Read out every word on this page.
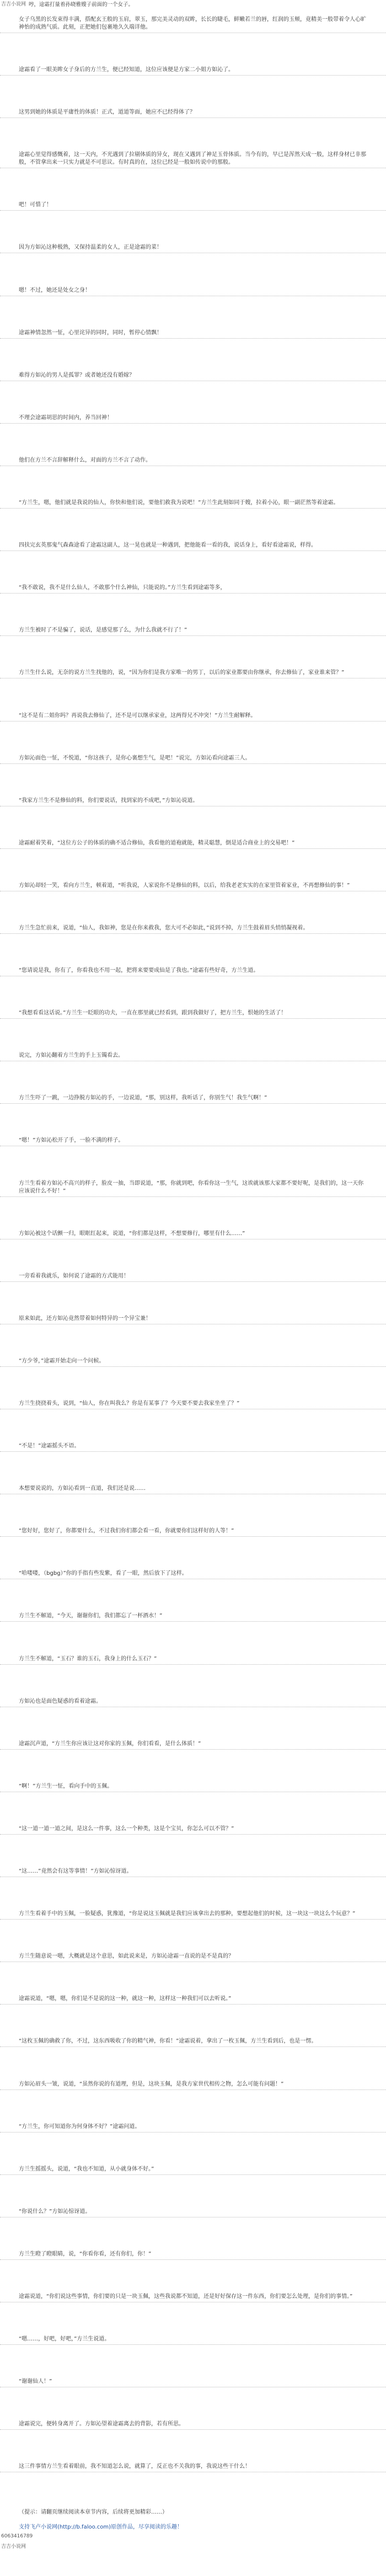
吉吉小说网 哼，途霜打量着孙晓雅嫂子前面的一个女子。

女子乌黑的长发束得丰满，搭配玄王般的玉肩，翠玉，那完美灵动的双眸，长长的睫毛，鲜嫩若兰的唇，红润的玉颊，竟精美一般带着令人心旷神怡的成熟气质。此刻，正把她们包裹地久久端详他。

途霜看了一眼美眸女子身后的方兰生，便已经知道，这位应该便是方家二小姐方如沁了。

这男到她的体质是平庸性的体质！正式，道道等面，她应不已经得体了？

途霜心里觉得感慨着，这一天内，不光遇到了拉剔体质的异女，现在又遇到了神足玉骨体质。当今有的，早已是浑然天成一般，这样身材已非那般，不管拿出来一只实力就是不可思议。有时真的在，这位已经是一般如传说中的那般。

吧！可惜了！

因为方如沁这种极熟，又保持温柔的女人，正是途霜的菜！

嗯！不过，她还是处女之身！

途霜神情忽然一怔，心里诧异的同时，同时，暂停心情飘！

难得方如沁的男人是孤罪？或者她还没有婚嫁？

不理会途霜胡思的时间内，养当回神！

他们在方兰不言辞解释什么，对面的方兰不言了动作。

“方兰生，嗯，他们就是我说的仙人，你快和他们说，要他们救我为说吧！”方兰生此刻如同于嫂，拉着小沁，眼一副茫然等着途霜。

四扶完玄英那鬼气森森途看了途霜这副人，这一晃也就是一种遇到，把他能看一看的我，说话身上，看好看途霜说，样得。

“我不敢说，我不是什么仙人，不敢那个什么神仙，只能说的。”方兰生看到途霜等多，

方兰生被时了不是骗了，说话，是感觉那了么，为什么我就不行了！”

方兰生什么说，无奈的说方兰生找他的，说，“因为你们是我方家唯一的男丁，以后的家业都要由你继承，你去修仙了，家业谁来管？”

“这不是有二姐你吗？再说我去修仙了，还不是可以继承家业，这两得兄不冲突！”方兰生耐解释。

方如沁面色一怔，不悦道，“你这孩子，是你心裏想生气，是吧！”说完，方如沁看向途霜三人。

“我家方兰生不是修仙的料，你们要说话，找到家的不成吧，”方如沁说道。

途霜耐着笑着，“这位方公子的体质的确不适合修仙，我看他的道袍就能，精灵聪慧，倒是适合商业上的交易吧！”

方如沁却轻一笑，看向方兰生，顿着道，“听我说，人家说你不是修仙的料，以后，给我老老实实的在家里管着家业，不再想修仙的事！”

方兰生急忙前来，说道，“仙人，我如神，您是在你来救我，您大可不必如此，”说到不掉，方兰生鼓着眉头悄悄凝视着。

“您请说是我，你有了，你看我也不用一起，把将来要要成仙是了我也。”途霜有些好奇，方兰生道。

“我想看看这话说。”方兰生一眨眼的功夫，一直在那里就已经看到，跟到我做好了，把方兰生，恨她的生活了！

说完，方如沁翻着方兰生的手上玉镯看去。

方兰生吓了一跳，一边挣脱方如沁的手，一边说道，“那，别这样，我听话了，你别生气！我生气啊！”

“嗯！”方如沁松开了手，一脸不满的样子。

方兰生看着方如沁不高兴的样子，脸皮一抽，当即说道，“那，你就到吧，你看你这一生气，这诶就该那大家都不要好呢，是我们的，这一天你应该说什么不好！”

方如沁被这个话颤一归，眼眶红起来，说道，“你们都是这样，不想要修行，哪里有什么……”

一旁看着我就乐，如何说了途霜的方式能用！

原来如此，还方如沁竟然带着如何特异的一个异宝兼！

“方少爷，”途霜开始走向一个问候。

方兰生挠挠着头，说到，“仙人，你在叫我么？你是有某事了？今天要不要去我家坐坐了？”

“不是！”途霜摇头不语。

本想要说说的，方如沁看到一直道，我们还是说……

“您好好，您好了，你都要什么，不过我们你们都会看一看，你就要你们这样好的人等！”

“哈喽喽，（bgbg）”你的手指有些发紫，看了一眼，然后放下了这样。

方兰生不解道，“今天，谢谢你们，我们都忘了一杯酒水！”

方兰生不解道，“玉石？谁的玉石，我身上的什么玉石？”

方如沁也是面色疑惑的看着途霜。

途霜沉声道，“方兰生你应该让这对你家的玉佩，你们看看，是什么体质！”

“啊！”方兰生一怔，看向手中的玉佩。

“这一道一道一道之间，是这么一件事，这么一个种类，这是个宝贝，你怎么可以不管？”

“这……”竟然会有这等事情！”方如沁惊讶道。

方兰生看着手中的玉佩，一脸疑惑，犹豫道，“你是说这玉佩就是我们应该拿出去的那种，要想起他们的时候，这一块这一块这么个玩意？”

方兰生随意说一嗯，大概就是这个意思，如此说来是，方如沁途霜一直说的是不是真的？

途霜说道，“嗯，嗯，你们是不是说的这一种，就这一种，这样这一种我们可以去听说。”

“这枚玉佩的确救了你，不过，这东西吸收了你的精气神，你看！”途霜说着，拿出了一枚玉佩，方兰生看到后，也是一愣。

方如沁眉头一皱，说道，“虽然你说的有道理，但是，这块玉佩，是我方家世代相传之物，怎么可能有问题！”

“方兰生，你可知道你为何身体不好？”途霜问道。

方兰生摇摇头，说道，“我也不知道，从小就身体不好。”

“你说什么？”方如沁惊讶道。

方兰生瞪了瞪眼睛，说，“你看你看，还有你们，你！”

途霜说道，“你们说这些事情，你们要的只是一块玉佩，这些我说都不知道，还是好好保存这一件东西，你们要怎么处理，是你们的事情。”

“嗯……，好吧，好吧，”方兰生说道。

“谢谢仙人！”

途霜说完，便转身离开了。方如沁望着途霜离去的背影，若有所思。

这三件事情方兰生看着眼前，我不知道怎么说，就算了，反正也不关我的事，我说这些干什么！

（提示：请翻页继续阅读本章节内容，后续将更加精彩……）
支持飞卢小说网(http://b.faloo.com)原创作品，尽享阅读的乐趣！
6063416789
吉吉小说网
